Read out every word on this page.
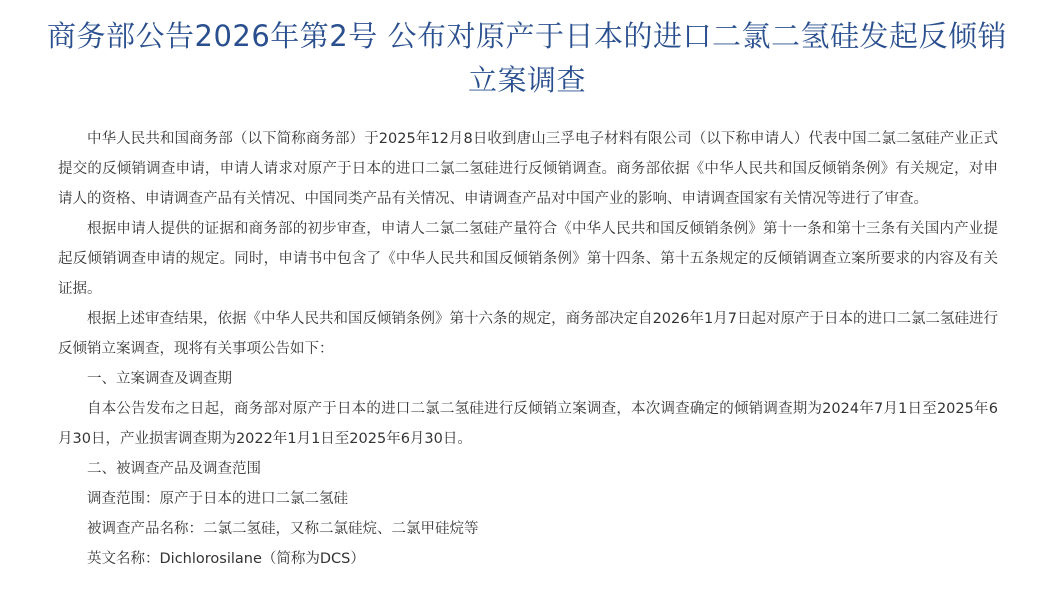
商务部公告2026年第2号 公布对原产于日本的进口二氯二氢硅发起反倾销立案调查

中华人民共和国商务部（以下简称商务部）于2025年12月8日收到唐山三孚电子材料有限公司（以下称申请人）代表中国二氯二氢硅产业正式提交的反倾销调查申请，申请人请求对原产于日本的进口二氯二氢硅进行反倾销调查。商务部依据《中华人民共和国反倾销条例》有关规定，对申请人的资格、申请调查产品有关情况、中国同类产品有关情况、申请调查产品对中国产业的影响、申请调查国家有关情况等进行了审查。

根据申请人提供的证据和商务部的初步审查，申请人二氯二氢硅产量符合《中华人民共和国反倾销条例》第十一条和第十三条有关国内产业提起反倾销调查申请的规定。同时，申请书中包含了《中华人民共和国反倾销条例》第十四条、第十五条规定的反倾销调查立案所要求的内容及有关证据。

根据上述审查结果，依据《中华人民共和国反倾销条例》第十六条的规定，商务部决定自2026年1月7日起对原产于日本的进口二氯二氢硅进行反倾销立案调查，现将有关事项公告如下：

一、立案调查及调查期

自本公告发布之日起，商务部对原产于日本的进口二氯二氢硅进行反倾销立案调查，本次调查确定的倾销调查期为2024年7月1日至2025年6月30日，产业损害调查期为2022年1月1日至2025年6月30日。

二、被调查产品及调查范围

调查范围：原产于日本的进口二氯二氢硅

被调查产品名称：二氯二氢硅，又称二氯硅烷、二氯甲硅烷等

英文名称：Dichlorosilane（简称为DCS）
